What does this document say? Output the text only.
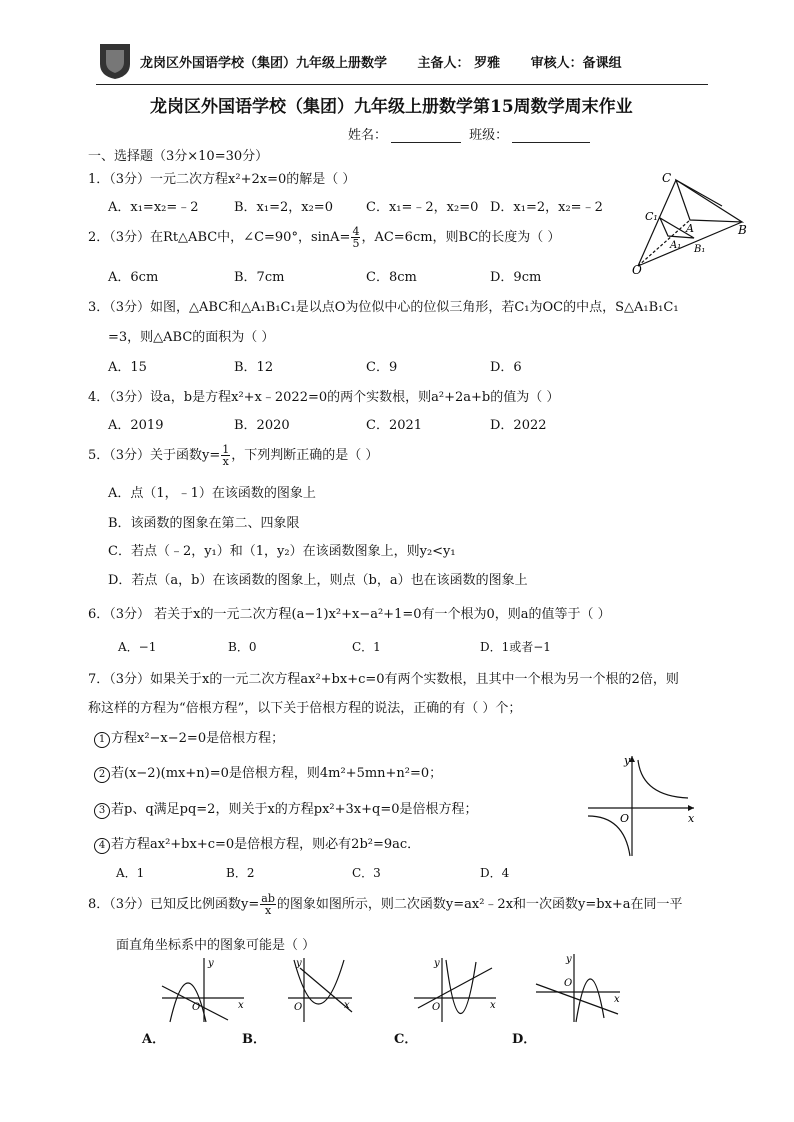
龙岗区外国语学校（集团）九年级上册数学 主备人： 罗雅 审核人：备课组
龙岗区外国语学校（集团）九年级上册数学第15周数学周末作业
姓名：	班级：
一、选择题（3分×10=30分）
1．（3分）一元二次方程x²+2x=0的解是（ ）
A．x₁=x₂=﹣2	B．x₁=2，x₂=0	C．x₁=﹣2，x₂=0 D．x₁=2，x₂=﹣2
2．（3分）在Rt△ABC中，∠C=90°，$\sin A= \frac{4}{5}$ ，AC=6cm，则BC的长度为（ ）
A．6cm	B．7cm	C．8cm	D．9cm
C
C₁
A
A₁
B
B₁
O
3．（3分）如图，△ABC和△A₁B₁C₁是以点O为位似中心的位似三角形，若C₁为OC的中点，S△A₁B₁C₁
=3，则△ABC的面积为（ ）
A．15	B．12	C．9	D．6
4．（3分）设a，b是方程x²+x﹣2022=0的两个实数根，则a²+2a+b的值为（ ）
A．2019	B．2020	C．2021	D．2022
5．（3分）关于函数$y= \frac{1}{x}$ ，下列判断正确的是（ ）
A．点（1，﹣1）在该函数的图象上
B．该函数的图象在第二、四象限
C．若点（﹣2，y₁）和（1，y₂）在该函数图象上，则y₂<y₁
D．若点（a，b）在该函数的图象上，则点（b，a）也在该函数的图象上
6．（3分） 若关于x的一元二次方程(a−1)x²+x−a²+1=0有一个根为0，则a的值等于（ ）
A．−1	B．0	C．1	D．1或者−1
7．（3分）如果关于x的一元二次方程ax²+bx+c=0有两个实数根，且其中一个根为另一个根的2倍，则
称这样的方程为“倍根方程”，以下关于倍根方程的说法，正确的有（ ）个；
1 方程x²−x−2=0是倍根方程；
2 若(x−2)(mx+n)=0是倍根方程，则4m²+5mn+n²=0；
3 若p、q满足pq=2，则关于x的方程px²+3x+q=0是倍根方程；
4 若方程ax²+bx+c=0是倍根方程，则必有2b²=9ac．
A．1	B．2	C．3	D．4
y
O	x
8．（3分）已知反比例函数$y= \frac{ab}{x}$ 的图象如图所示，则二次函数y=ax²﹣2x和一次函数y=bx+a在同一平
面直角坐标系中的图象可能是（ ）
y
O	x
y
O	x
y
O	x
y
O
x
A．	B．	C．	D．
